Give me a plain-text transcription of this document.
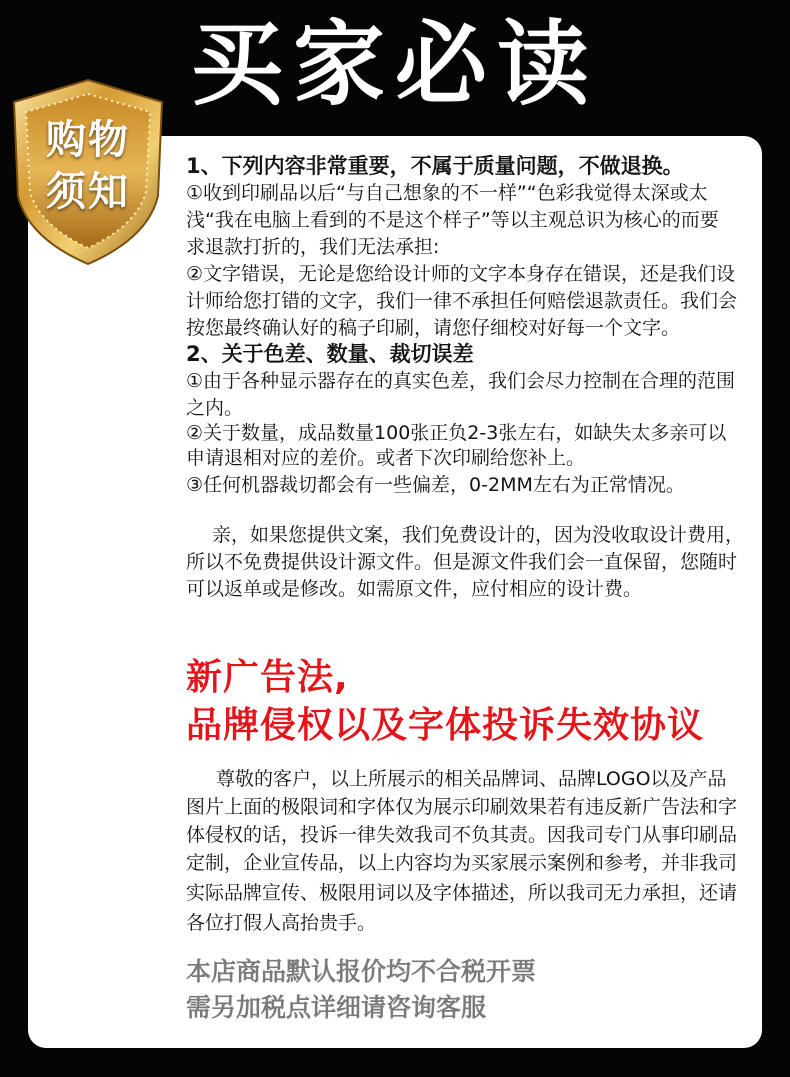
买家必读
购物
须知
1、下列内容非常重要，不属于质量问题，不做退换。
①收到印刷品以后“与自己想象的不一样”“色彩我觉得太深或太
浅“我在电脑上看到的不是这个样子”等以主观总识为核心的而要
求退款打折的，我们无法承担:
②文字错误，无论是您给设计师的文字本身存在错误，还是我们设
计师给您打错的文字，我们一律不承担任何赔偿退款责任。我们会
按您最终确认好的稿子印刷，请您仔细校对好每一个文字。
2、关于色差、数量、裁切误差
①由于各种显示器存在的真实色差，我们会尽力控制在合理的范围
之内。
②关于数量，成品数量100张正负2-3张左右，如缺失太多亲可以
申请退相对应的差价。或者下次印刷给您补上。
③任何机器裁切都会有一些偏差，0-2MM左右为正常情况。
亲，如果您提供文案，我们免费设计的，因为没收取设计费用，
所以不免费提供设计源文件。但是源文件我们会一直保留，您随时
可以返单或是修改。如需原文件，应付相应的设计费。
新广告法,
品牌侵权以及字体投诉失效协议
尊敬的客户，以上所展示的相关品牌词、品牌LOGO以及产品
图片上面的极限词和字体仅为展示印刷效果若有违反新广告法和字
体侵权的话，投诉一律失效我司不负其责。因我司专门从事印刷品
定制，企业宣传品，以上内容均为买家展示案例和参考，并非我司
实际品牌宣传、极限用词以及字体描述，所以我司无力承担，还请
各位打假人高抬贵手。
本店商品默认报价均不合税开票
需另加税点详细请咨询客服
